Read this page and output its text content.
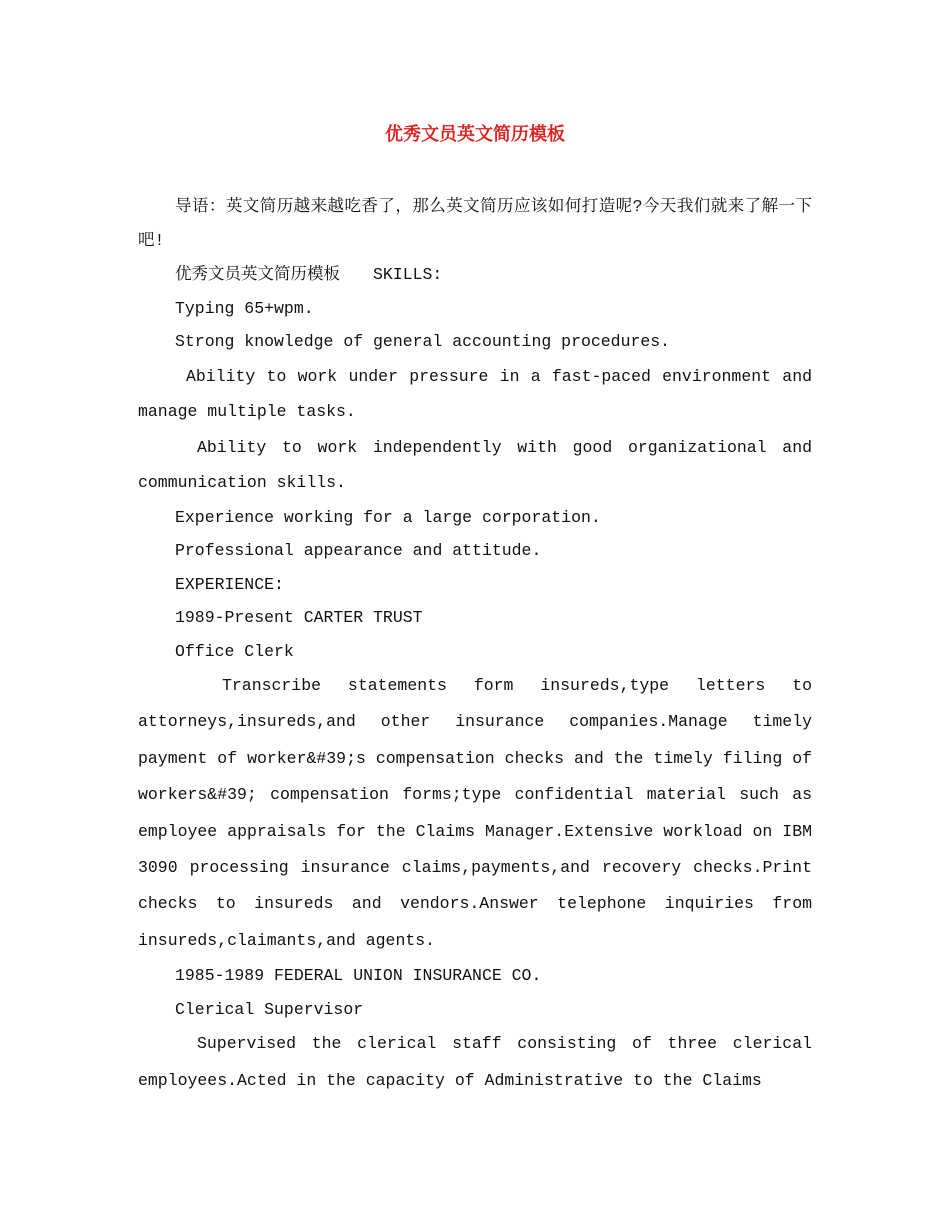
优秀文员英文简历模板

导语：英文简历越来越吃香了，那么英文简历应该如何打造呢?今天我们就来了解一下吧!

优秀文员英文简历模板　　SKILLS:

Typing 65+wpm.

Strong knowledge of general accounting procedures.

Ability to work under pressure in a fast-paced environment and manage multiple tasks.

Ability to work independently with good organizational and communication skills.

Experience working for a large corporation.

Professional appearance and attitude.

EXPERIENCE:

1989-Present CARTER TRUST

Office Clerk

Transcribe statements form insureds,type letters to attorneys,insureds,and other insurance companies.Manage timely payment of worker&#39;s compensation checks and the timely filing of workers&#39; compensation forms;type confidential material such as employee appraisals for the Claims Manager.Extensive workload on IBM 3090 processing insurance claims,payments,and recovery checks.Print checks to insureds and vendors.Answer telephone inquiries from insureds,claimants,and agents.

1985-1989 FEDERAL UNION INSURANCE CO.

Clerical Supervisor

Supervised the clerical staff consisting of three clerical employees.Acted in the capacity of Administrative to the Claims
